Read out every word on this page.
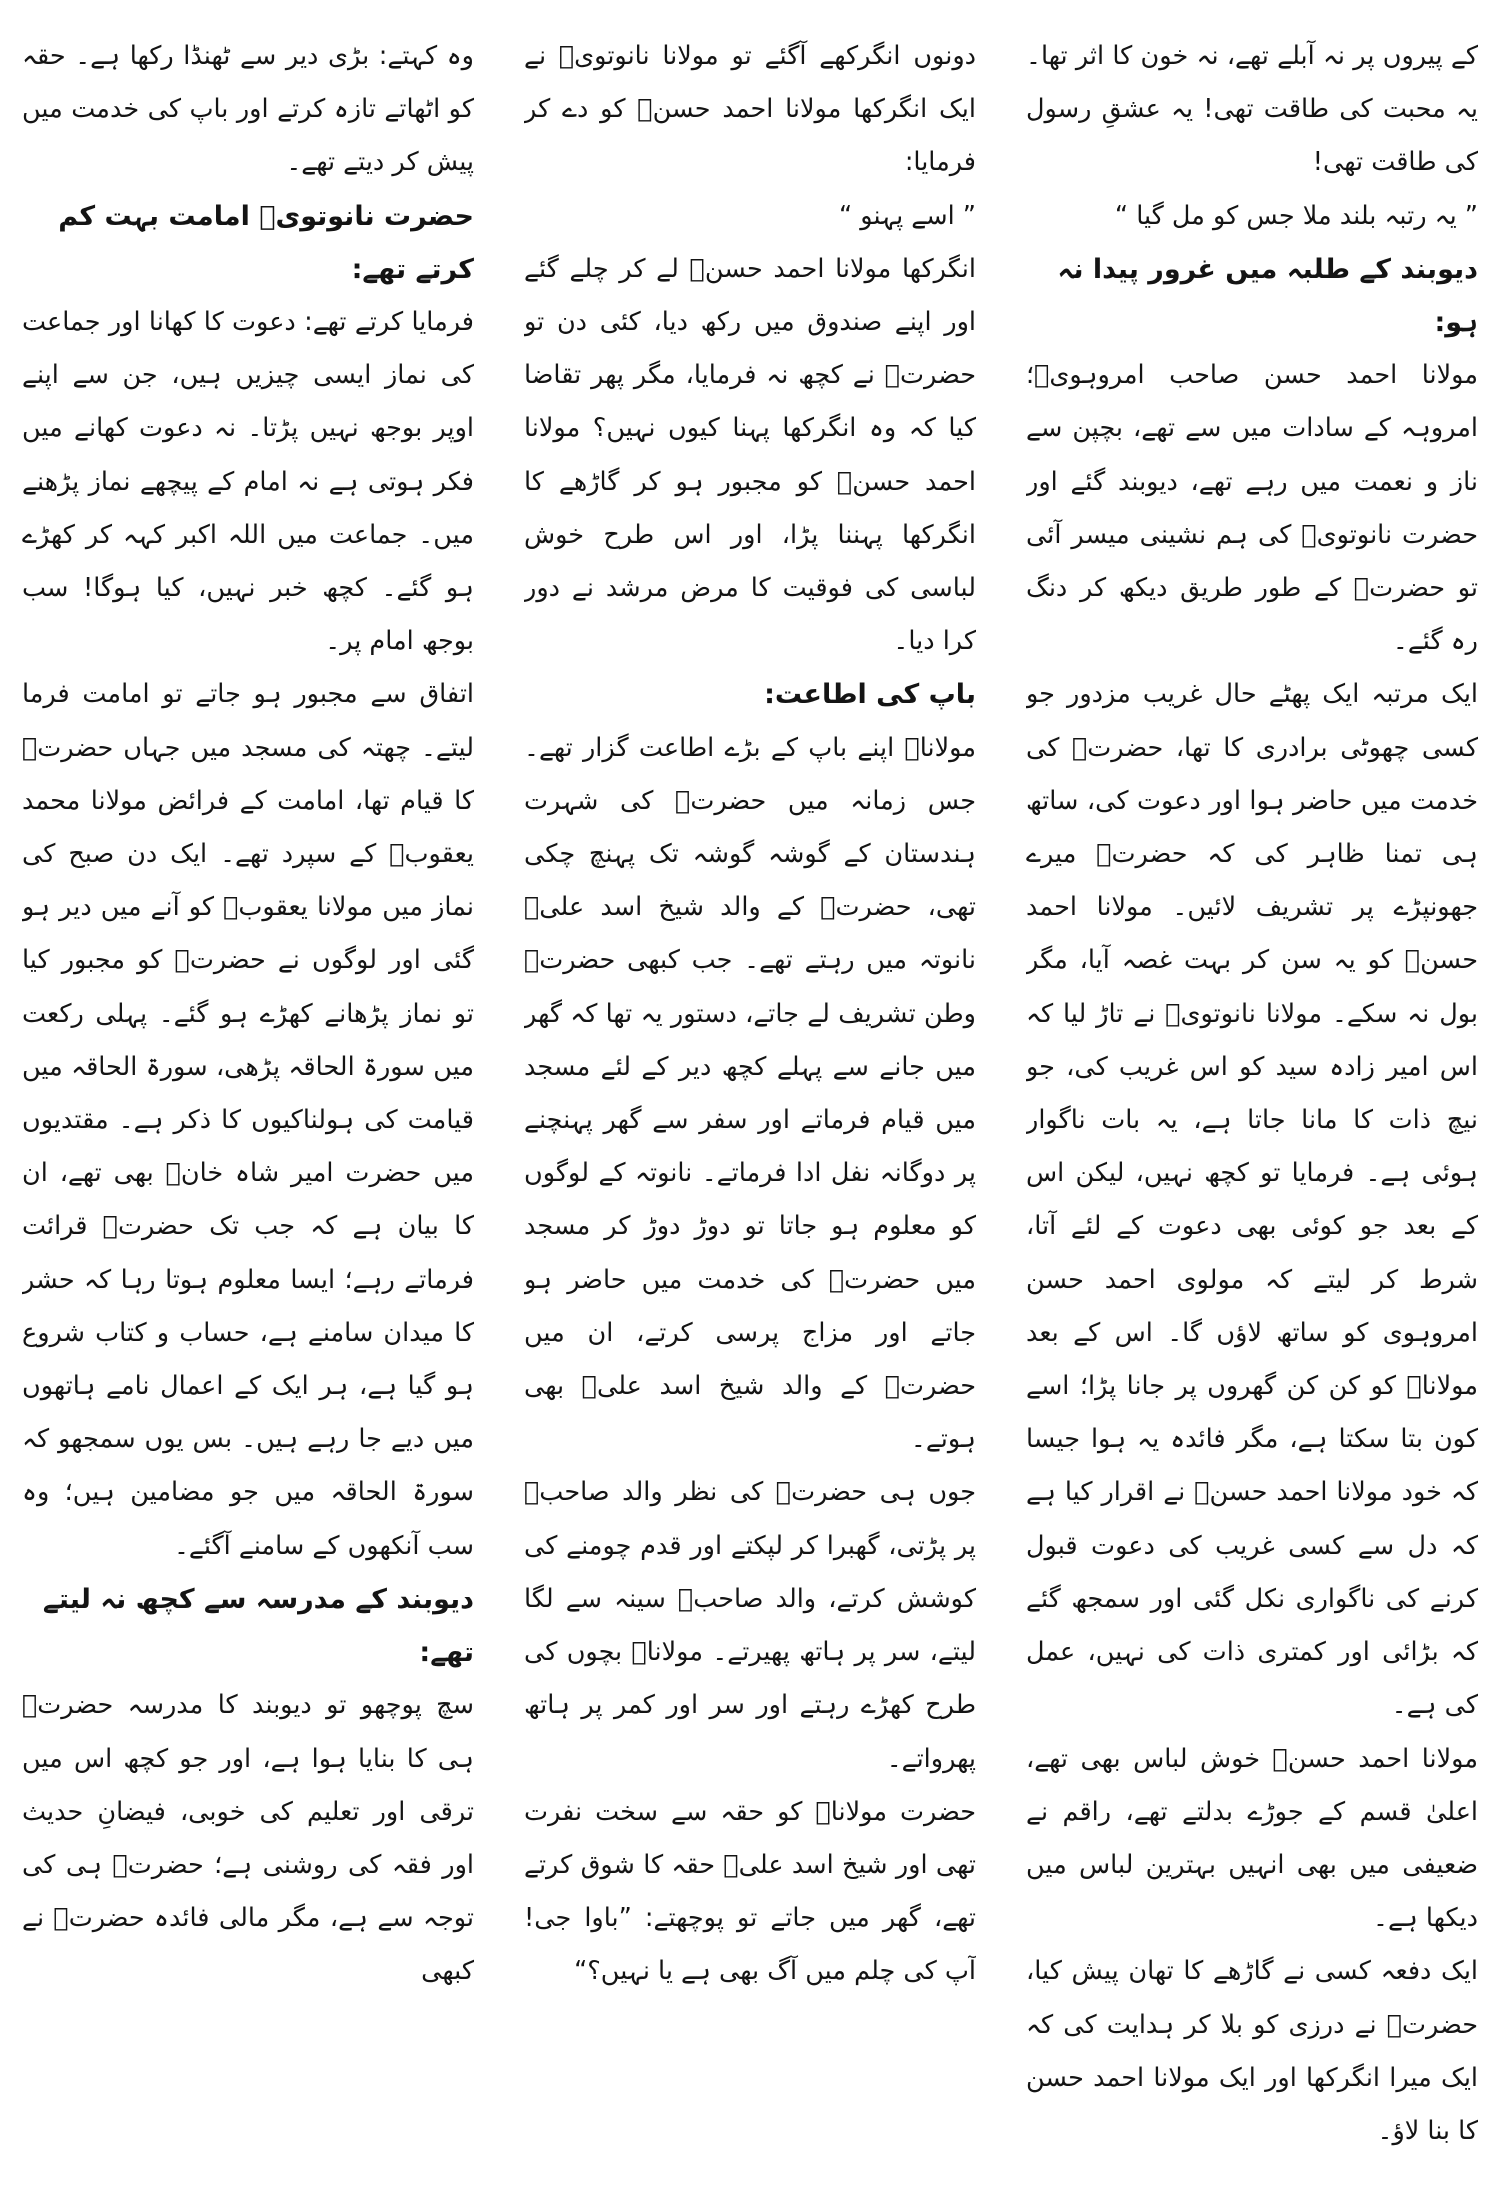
کے پیروں پر نہ آبلے تھے، نہ خون کا اثر تھا۔ یہ محبت کی طاقت تھی! یہ عشقِ رسول کی طاقت تھی!

” یہ رتبہ بلند ملا جس کو مل گیا “

دیوبند کے طلبہ میں غرور پیدا نہ ہو:

مولانا احمد حسن صاحب امروہویؒ؛ امروہہ کے سادات میں سے تھے، بچپن سے ناز و نعمت میں رہے تھے، دیوبند گئے اور حضرت نانوتویؒ کی ہم نشینی میسر آئی تو حضرتؒ کے طور طریق دیکھ کر دنگ رہ گئے۔

ایک مرتبہ ایک پھٹے حال غریب مزدور جو کسی چھوٹی برادری کا تھا، حضرتؒ کی خدمت میں حاضر ہوا اور دعوت کی، ساتھ ہی تمنا ظاہر کی کہ حضرتؒ میرے جھونپڑے پر تشریف لائیں۔ مولانا احمد حسنؒ کو یہ سن کر بہت غصہ آیا، مگر بول نہ سکے۔ مولانا نانوتویؒ نے تاڑ لیا کہ اس امیر زادہ سید کو اس غریب کی، جو نیچ ذات کا مانا جاتا ہے، یہ بات ناگوار ہوئی ہے۔ فرمایا تو کچھ نہیں، لیکن اس کے بعد جو کوئی بھی دعوت کے لئے آتا، شرط کر لیتے کہ مولوی احمد حسن امروہوی کو ساتھ لاؤں گا۔ اس کے بعد مولاناؒ کو کن کن گھروں پر جانا پڑا؛ اسے کون بتا سکتا ہے، مگر فائدہ یہ ہوا جیسا کہ خود مولانا احمد حسنؒ نے اقرار کیا ہے کہ دل سے کسی غریب کی دعوت قبول کرنے کی ناگواری نکل گئی اور سمجھ گئے کہ بڑائی اور کمتری ذات کی نہیں، عمل کی ہے۔

مولانا احمد حسنؒ خوش لباس بھی تھے، اعلیٰ قسم کے جوڑے بدلتے تھے، راقم نے ضعیفی میں بھی انہیں بہترین لباس میں دیکھا ہے۔

ایک دفعہ کسی نے گاڑھے کا تھان پیش کیا، حضرتؒ نے درزی کو بلا کر ہدایت کی کہ ایک میرا انگرکھا اور ایک مولانا احمد حسن کا بنا لاؤ۔

دونوں انگرکھے آگئے تو مولانا نانوتویؒ نے ایک انگرکھا مولانا احمد حسنؒ کو دے کر فرمایا:

” اسے پہنو “

انگرکھا مولانا احمد حسنؒ لے کر چلے گئے اور اپنے صندوق میں رکھ دیا، کئی دن تو حضرتؒ نے کچھ نہ فرمایا، مگر پھر تقاضا کیا کہ وہ انگرکھا پہنا کیوں نہیں؟ مولانا احمد حسنؒ کو مجبور ہو کر گاڑھے کا انگرکھا پہننا پڑا، اور اس طرح خوش لباسی کی فوقیت کا مرض مرشد نے دور کرا دیا۔

باپ کی اطاعت:

مولاناؒ اپنے باپ کے بڑے اطاعت گزار تھے۔ جس زمانہ میں حضرتؒ کی شہرت ہندستان کے گوشہ گوشہ تک پہنچ چکی تھی، حضرتؒ کے والد شیخ اسد علیؒ نانوتہ میں رہتے تھے۔ جب کبھی حضرتؒ وطن تشریف لے جاتے، دستور یہ تھا کہ گھر میں جانے سے پہلے کچھ دیر کے لئے مسجد میں قیام فرماتے اور سفر سے گھر پہنچنے پر دوگانہ نفل ادا فرماتے۔ نانوتہ کے لوگوں کو معلوم ہو جاتا تو دوڑ دوڑ کر مسجد میں حضرتؒ کی خدمت میں حاضر ہو جاتے اور مزاج پرسی کرتے، ان میں حضرتؒ کے والد شیخ اسد علیؒ بھی ہوتے۔

جوں ہی حضرتؒ کی نظر والد صاحبؒ پر پڑتی، گھبرا کر لپکتے اور قدم چومنے کی کوشش کرتے، والد صاحبؒ سینہ سے لگا لیتے، سر پر ہاتھ پھیرتے۔ مولاناؒ بچوں کی طرح کھڑے رہتے اور سر اور کمر پر ہاتھ پھرواتے۔

حضرت مولاناؒ کو حقہ سے سخت نفرت تھی اور شیخ اسد علیؒ حقہ کا شوق کرتے تھے، گھر میں جاتے تو پوچھتے: ”باوا جی! آپ کی چلم میں آگ بھی ہے یا نہیں؟“

وہ کہتے: بڑی دیر سے ٹھنڈا رکھا ہے۔ حقہ کو اٹھاتے تازہ کرتے اور باپ کی خدمت میں پیش کر دیتے تھے۔

حضرت نانوتویؒ امامت بہت کم کرتے تھے:

فرمایا کرتے تھے: دعوت کا کھانا اور جماعت کی نماز ایسی چیزیں ہیں، جن سے اپنے اوپر بوجھ نہیں پڑتا۔ نہ دعوت کھانے میں فکر ہوتی ہے نہ امام کے پیچھے نماز پڑھنے میں۔ جماعت میں اللہ اکبر کہہ کر کھڑے ہو گئے۔ کچھ خبر نہیں، کیا ہوگا! سب بوجھ امام پر۔

اتفاق سے مجبور ہو جاتے تو امامت فرما لیتے۔ چھتہ کی مسجد میں جہاں حضرتؒ کا قیام تھا، امامت کے فرائض مولانا محمد یعقوبؒ کے سپرد تھے۔ ایک دن صبح کی نماز میں مولانا یعقوبؒ کو آنے میں دیر ہو گئی اور لوگوں نے حضرتؒ کو مجبور کیا تو نماز پڑھانے کھڑے ہو گئے۔ پہلی رکعت میں سورۃ الحاقہ پڑھی، سورۃ الحاقہ میں قیامت کی ہولناکیوں کا ذکر ہے۔ مقتدیوں میں حضرت امیر شاہ خانؒ بھی تھے، ان کا بیان ہے کہ جب تک حضرتؒ قرائت فرماتے رہے؛ ایسا معلوم ہوتا رہا کہ حشر کا میدان سامنے ہے، حساب و کتاب شروع ہو گیا ہے، ہر ایک کے اعمال نامے ہاتھوں میں دیے جا رہے ہیں۔ بس یوں سمجھو کہ سورۃ الحاقہ میں جو مضامین ہیں؛ وہ سب آنکھوں کے سامنے آگئے۔

دیوبند کے مدرسہ سے کچھ نہ لیتے تھے:

سچ پوچھو تو دیوبند کا مدرسہ حضرتؒ ہی کا بنایا ہوا ہے، اور جو کچھ اس میں ترقی اور تعلیم کی خوبی، فیضانِ حدیث اور فقہ کی روشنی ہے؛ حضرتؒ ہی کی توجہ سے ہے، مگر مالی فائدہ حضرتؒ نے کبھی
